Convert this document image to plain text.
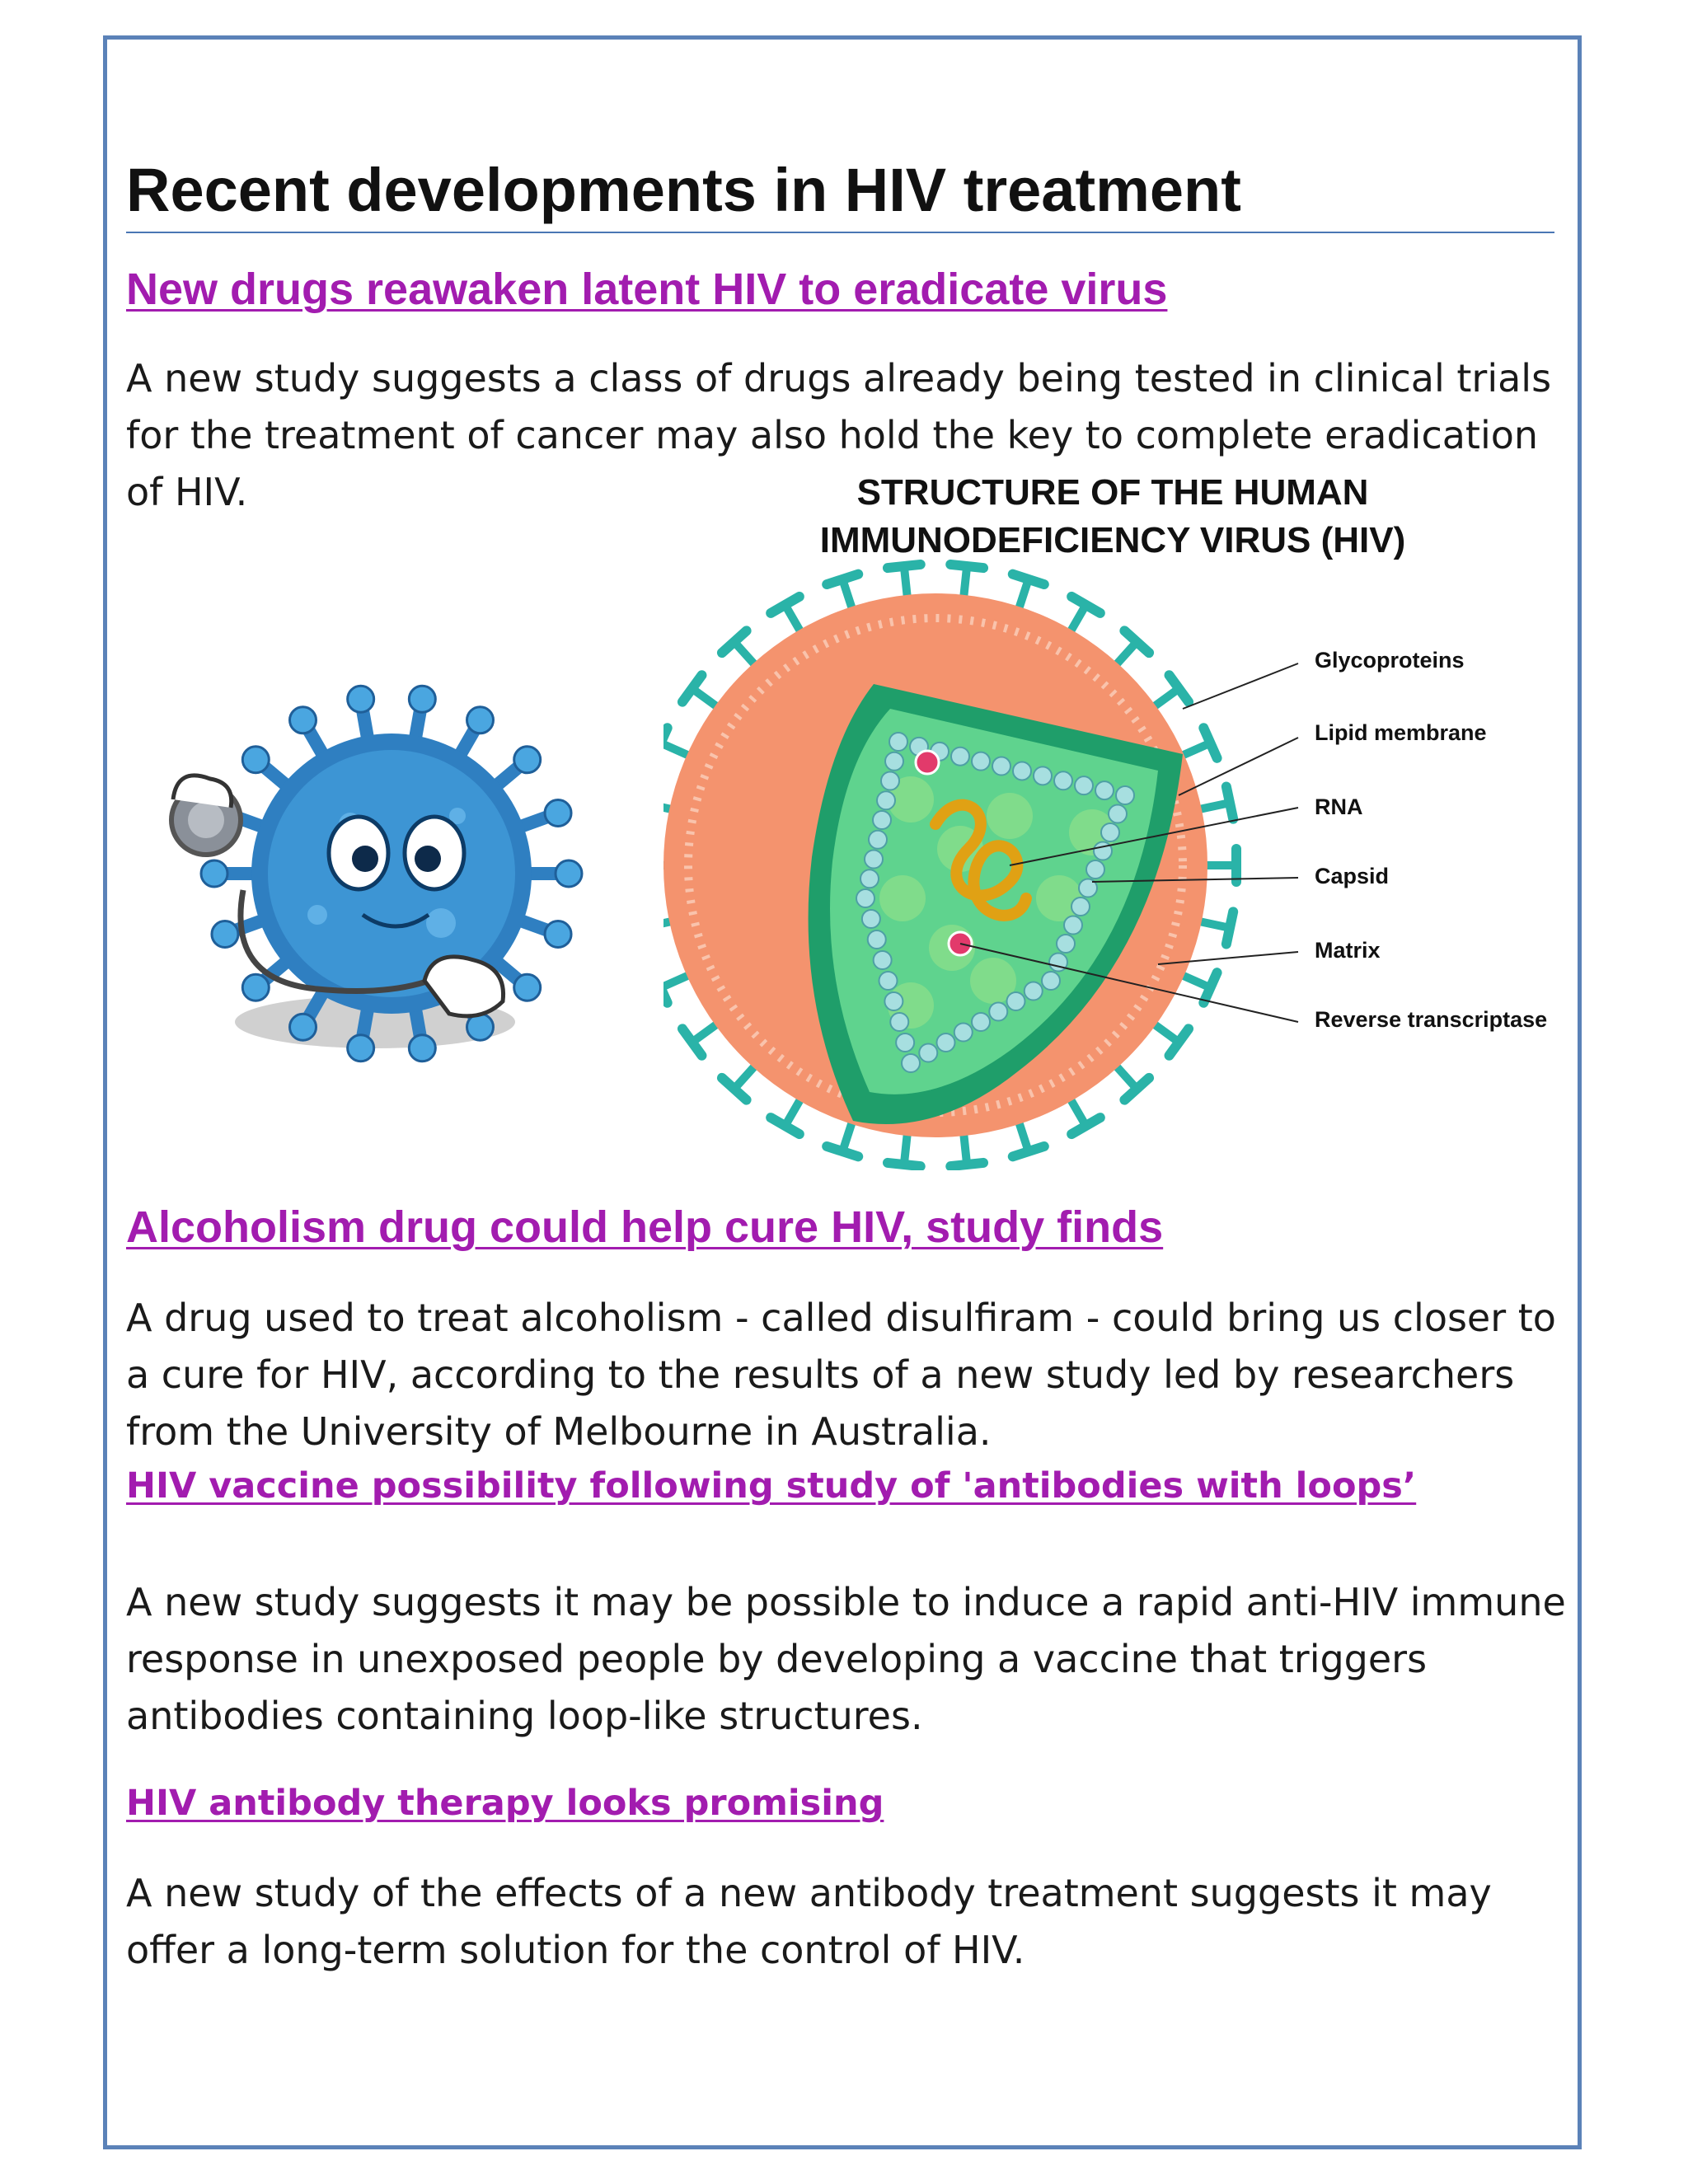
Recent developments in HIV treatment
New drugs reawaken latent HIV to eradicate virus
A new study suggests a class of drugs already being tested in clinical trials
for the treatment of cancer may also hold the key to complete eradication
of HIV.	STRUCTURE OF THE HUMAN
IMMUNODEFICIENCY VIRUS (HIV)
Glycoproteins
Lipid membrane
RNA
Capsid
Matrix
Reverse transcriptase
Alcoholism drug could help cure HIV, study finds
A drug used to treat alcoholism - called disulfiram - could bring us closer to
a cure for HIV, according to the results of a new study led by researchers
from the University of Melbourne in Australia.
HIV vaccine possibility following study of 'antibodies with loops’
A new study suggests it may be possible to induce a rapid anti-HIV immune
response in unexposed people by developing a vaccine that triggers
antibodies containing loop-like structures.
HIV antibody therapy looks promising
A new study of the effects of a new antibody treatment suggests it may
offer a long-term solution for the control of HIV.
